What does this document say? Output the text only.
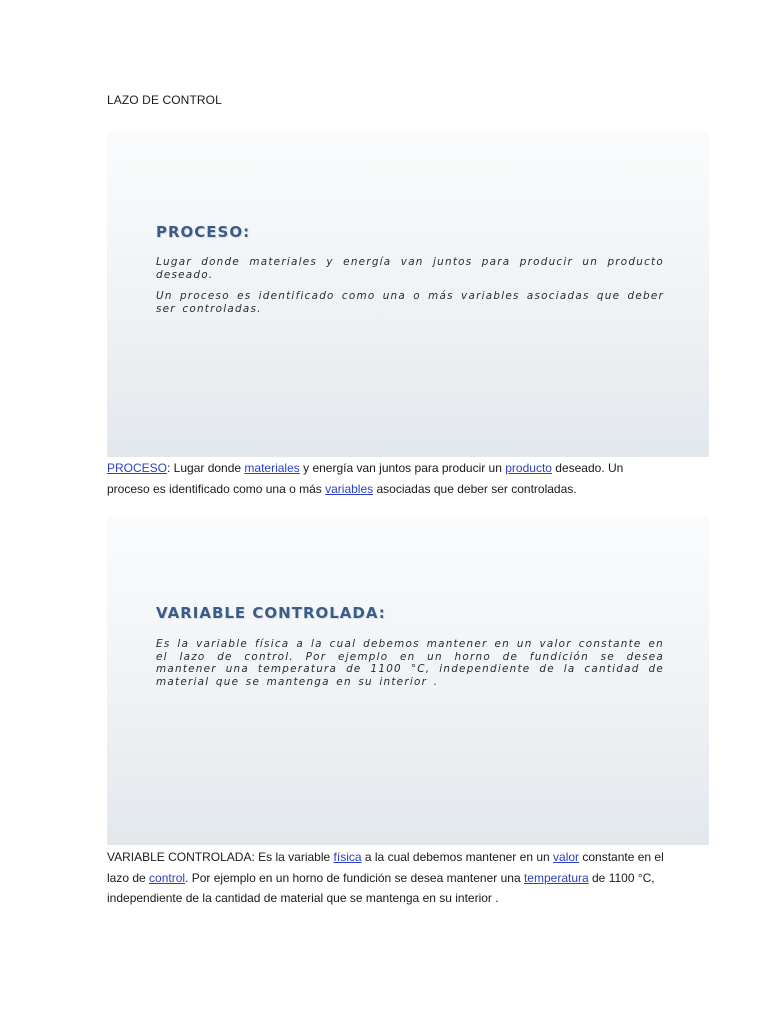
LAZO DE CONTROL
PROCESO:
Lugar donde materiales y energía van juntos para producir un producto deseado.
Un proceso es identificado como una o más variables asociadas que deber ser controladas.
PROCESO: Lugar donde materiales y energía van juntos para producir un producto deseado. Un proceso es identificado como una o más variables asociadas que deber ser controladas.
VARIABLE CONTROLADA:
Es la variable física a la cual debemos mantener en un valor constante en el lazo de control. Por ejemplo en un horno de fundición se desea mantener una temperatura de 1100 °C, independiente de la cantidad de material que se mantenga en su interior .
VARIABLE CONTROLADA: Es la variable física a la cual debemos mantener en un valor constante en el lazo de control. Por ejemplo en un horno de fundición se desea mantener una temperatura de 1100 °C, independiente de la cantidad de material que se mantenga en su interior .
